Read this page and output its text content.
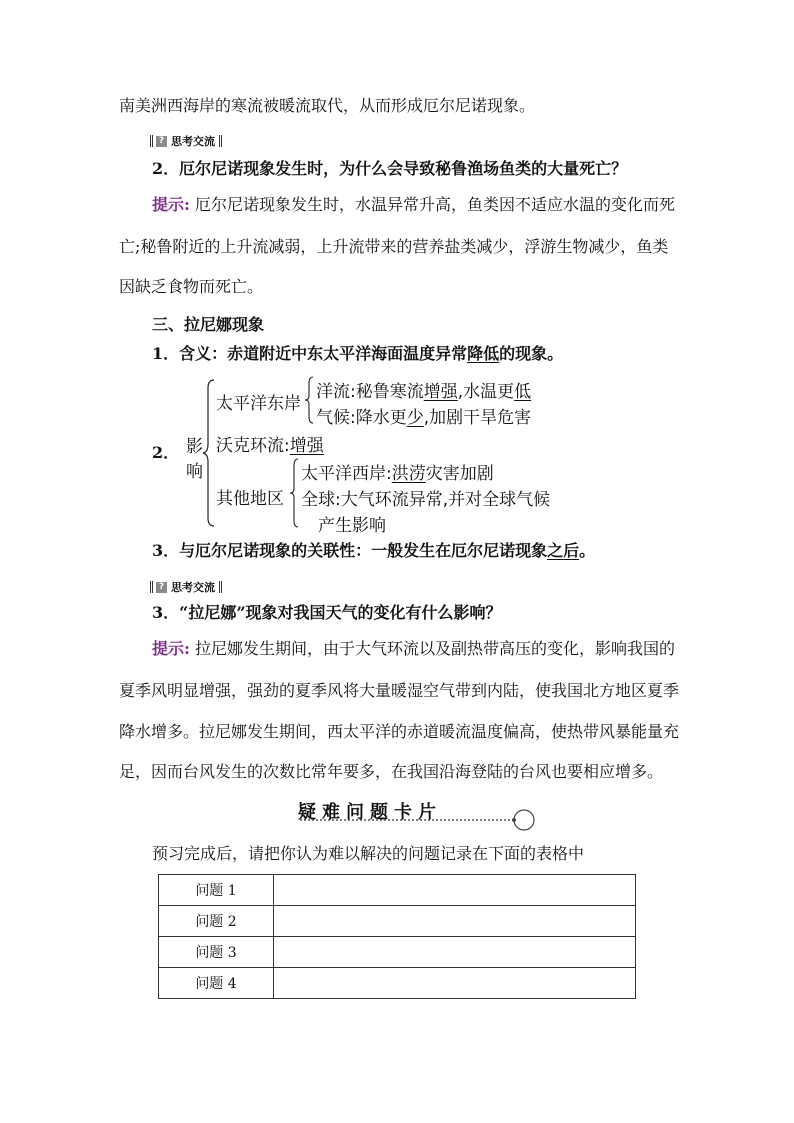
南美洲西海岸的寒流被暖流取代，从而形成厄尔尼诺现象。
? 思考交流
2．厄尔尼诺现象发生时，为什么会导致秘鲁渔场鱼类的大量死亡？
提示: 厄尔尼诺现象发生时，水温异常升高，鱼类因不适应水温的变化而死
亡;秘鲁附近的上升流减弱，上升流带来的营养盐类减少，浮游生物减少，鱼类
因缺乏食物而死亡。
三、拉尼娜现象
1．含义：赤道附近中东太平洋海面温度异常降低的现象。
2． 影
响
太平洋东岸
洋流:秘鲁寒流增强,水温更低
气候:降水更少,加剧干旱危害
沃克环流:增强
其他地区
太平洋西岸:洪涝灾害加剧
全球:大气环流异常,并对全球气候
产生影响
3．与厄尔尼诺现象的关联性：一般发生在厄尔尼诺现象之后。
? 思考交流
3．“拉尼娜”现象对我国天气的变化有什么影响？
提示: 拉尼娜发生期间，由于大气环流以及副热带高压的变化，影响我国的
夏季风明显增强，强劲的夏季风将大量暖湿空气带到内陆，使我国北方地区夏季
降水增多。拉尼娜发生期间，西太平洋的赤道暖流温度偏高，使热带风暴能量充
足，因而台风发生的次数比常年要多，在我国沿海登陆的台风也要相应增多。
疑难问题卡片
预习完成后，请把你认为难以解决的问题记录在下面的表格中
问题 1	
问题 2	
问题 3	
问题 4	
